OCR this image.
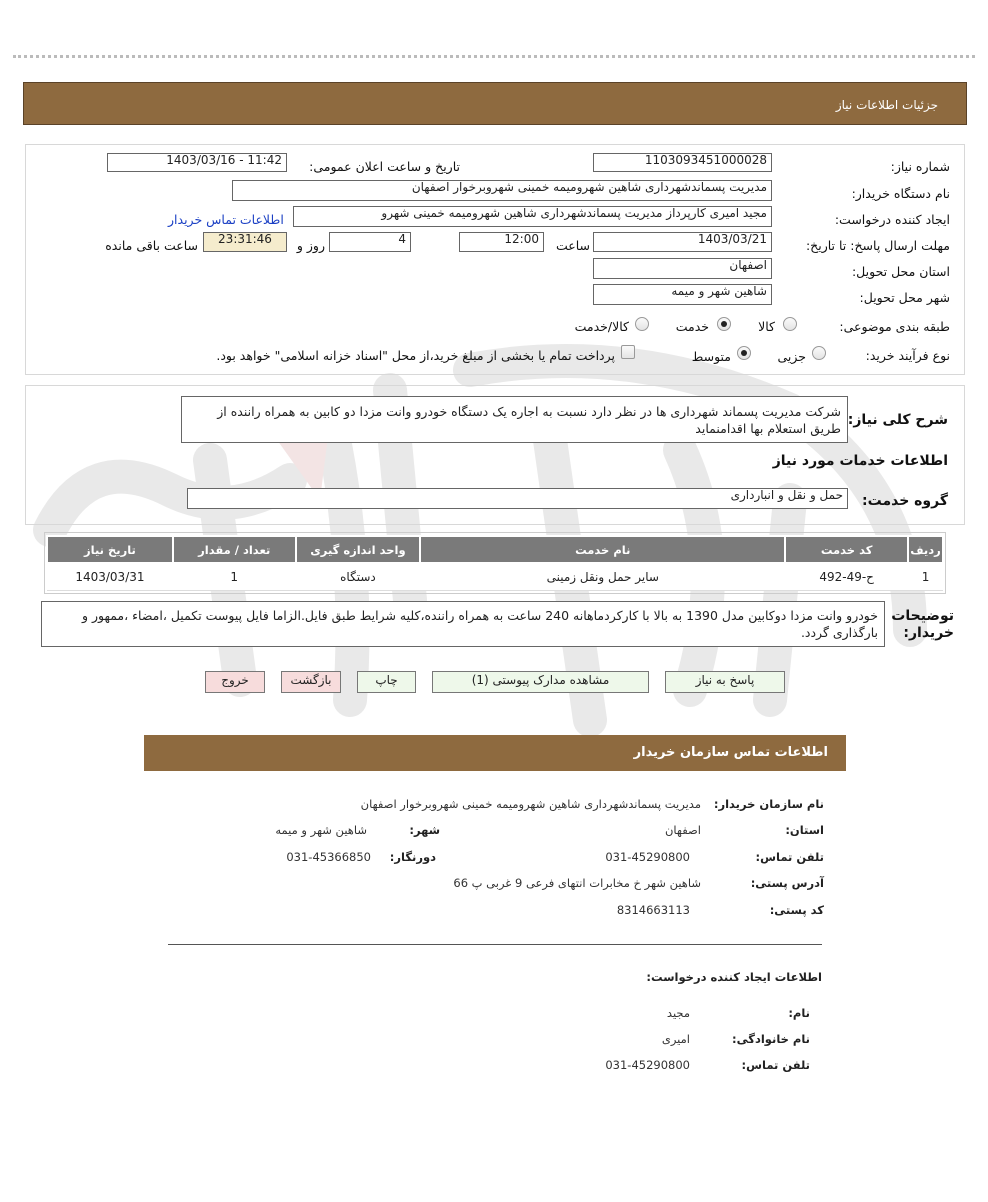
جزئیات اطلاعات نیاز
شماره نیاز:
1103093451000028
تاریخ و ساعت اعلان عمومی:
1403/03/16 - 11:42
نام دستگاه خریدار:
مدیریت پسماندشهرداری شاهین شهرومیمه خمینی شهروبرخوار اصفهان
ایجاد کننده درخواست:
مجید امیری کارپرداز مدیریت پسماندشهرداری شاهین شهرومیمه خمینی شهرو
اطلاعات تماس خریدار
مهلت ارسال پاسخ: تا تاریخ:
1403/03/21
ساعت
12:00
4
روز و
23:31:46
ساعت باقی مانده
استان محل تحویل:
اصفهان
شهر محل تحویل:
شاهین شهر و میمه
طبقه بندی موضوعی:
کالا
خدمت
کالا/خدمت
نوع فرآیند خرید:
جزیی
متوسط
پرداخت تمام یا بخشی از مبلغ خرید،از محل "اسناد خزانه اسلامی" خواهد بود.
شرح کلی نیاز:
شرکت مدیریت پسماند شهرداری ها در نظر دارد نسبت به اجاره یک دستگاه خودرو وانت مزدا دو کابین به همراه راننده از طریق استعلام بها اقدامنماید
اطلاعات خدمات مورد نیاز
گروه خدمت:
حمل و نقل و انبارداری
ردیف	کد خدمت	نام خدمت	واحد اندازه گیری	تعداد / مقدار	تاریخ نیاز
1	ح-49-492	سایر حمل ونقل زمینی	دستگاه	1	1403/03/31
توضیحات خریدار:
خودرو وانت مزدا دوکابین مدل 1390 به بالا با کارکردماهانه 240 ساعت به همراه راننده،کلیه شرایط طبق فایل.الزاما فایل پیوست تکمیل ،امضاء ،ممهور و بارگذاری گردد.
پاسخ به نیاز
مشاهده مدارک پیوستی (1)
چاپ
بازگشت
خروج
اطلاعات تماس سازمان خریدار
نام سازمان خریدار:
مدیریت پسماندشهرداری شاهین شهرومیمه خمینی شهروبرخوار اصفهان
استان:
اصفهان
شهر:
شاهین شهر و میمه
تلفن تماس:
031-45290800
دورنگار:
031-45366850
آدرس پستی:
شاهین شهر خ مخابرات انتهای فرعی 9 غربی پ 66
کد پستی:
8314663113
اطلاعات ایجاد کننده درخواست:
نام:
مجید
نام خانوادگی:
امیری
تلفن تماس:
031-45290800
